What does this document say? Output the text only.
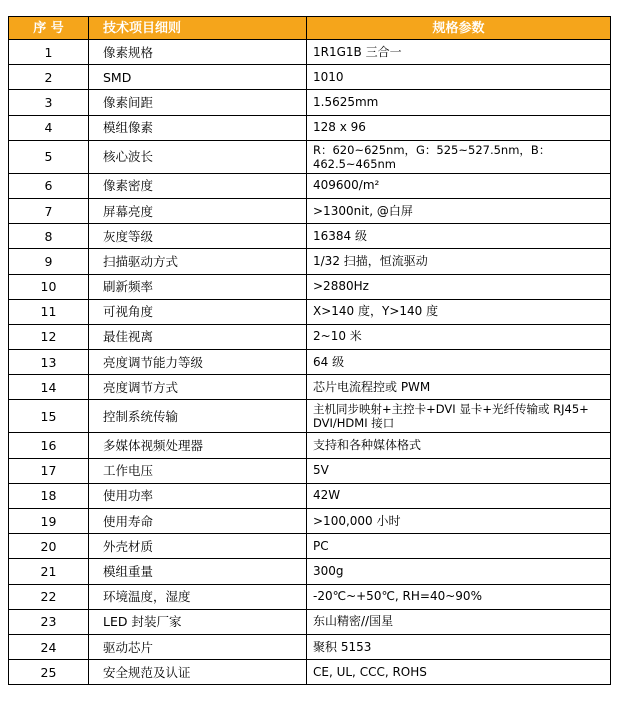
序 号	技术项目细则	规格参数
1	像素规格	1R1G1B 三合一
2	SMD	1010
3	像素间距	1.5625mm
4	模组像素	128 x 96
5	核心波长	R：620~625nm，G：525~527.5nm，B：462.5~465nm
6	像素密度	409600/m²
7	屏幕亮度	>1300nit, @白屏
8	灰度等级	16384 级
9	扫描驱动方式	1/32 扫描，恒流驱动
10	刷新频率	>2880Hz
11	可视角度	X>140 度，Y>140 度
12	最佳视离	2~10 米
13	亮度调节能力等级	64 级
14	亮度调节方式	芯片电流程控或 PWM
15	控制系统传输	主机同步映射+主控卡+DVI 显卡+光纤传输或 RJ45+ DVI/HDMI 接口
16	多媒体视频处理器	支持和各种媒体格式
17	工作电压	5V
18	使用功率	42W
19	使用寿命	>100,000 小时
20	外壳材质	PC
21	模组重量	300g
22	环境温度，湿度	-20℃~+50℃, RH=40~90%
23	LED 封装厂家	东山精密//国星
24	驱动芯片	聚积 5153
25	安全规范及认证	CE, UL, CCC, ROHS
